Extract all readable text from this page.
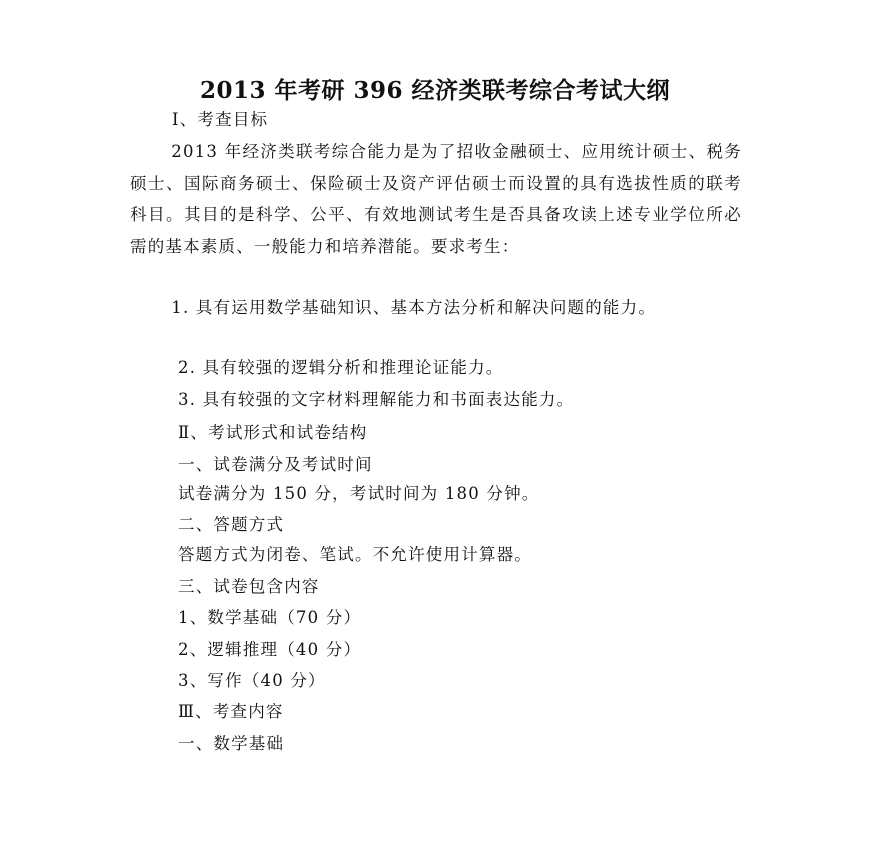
2013 年考研 396 经济类联考综合考试大纲
Ⅰ、考查目标
2013 年经济类联考综合能力是为了招收金融硕士、应用统计硕士、税务硕士、国际商务硕士、保险硕士及资产评估硕士而设置的具有选拔性质的联考科目。其目的是科学、公平、有效地测试考生是否具备攻读上述专业学位所必需的基本素质、一般能力和培养潜能。要求考生：
1. 具有运用数学基础知识、基本方法分析和解决问题的能力。
2. 具有较强的逻辑分析和推理论证能力。
3. 具有较强的文字材料理解能力和书面表达能力。
Ⅱ、考试形式和试卷结构
一、试卷满分及考试时间
试卷满分为 150 分，考试时间为 180 分钟。
二、答题方式
答题方式为闭卷、笔试。不允许使用计算器。
三、试卷包含内容
1、数学基础（70 分）
2、逻辑推理（40 分）
3、写作（40 分）
Ⅲ、考查内容
一、数学基础
